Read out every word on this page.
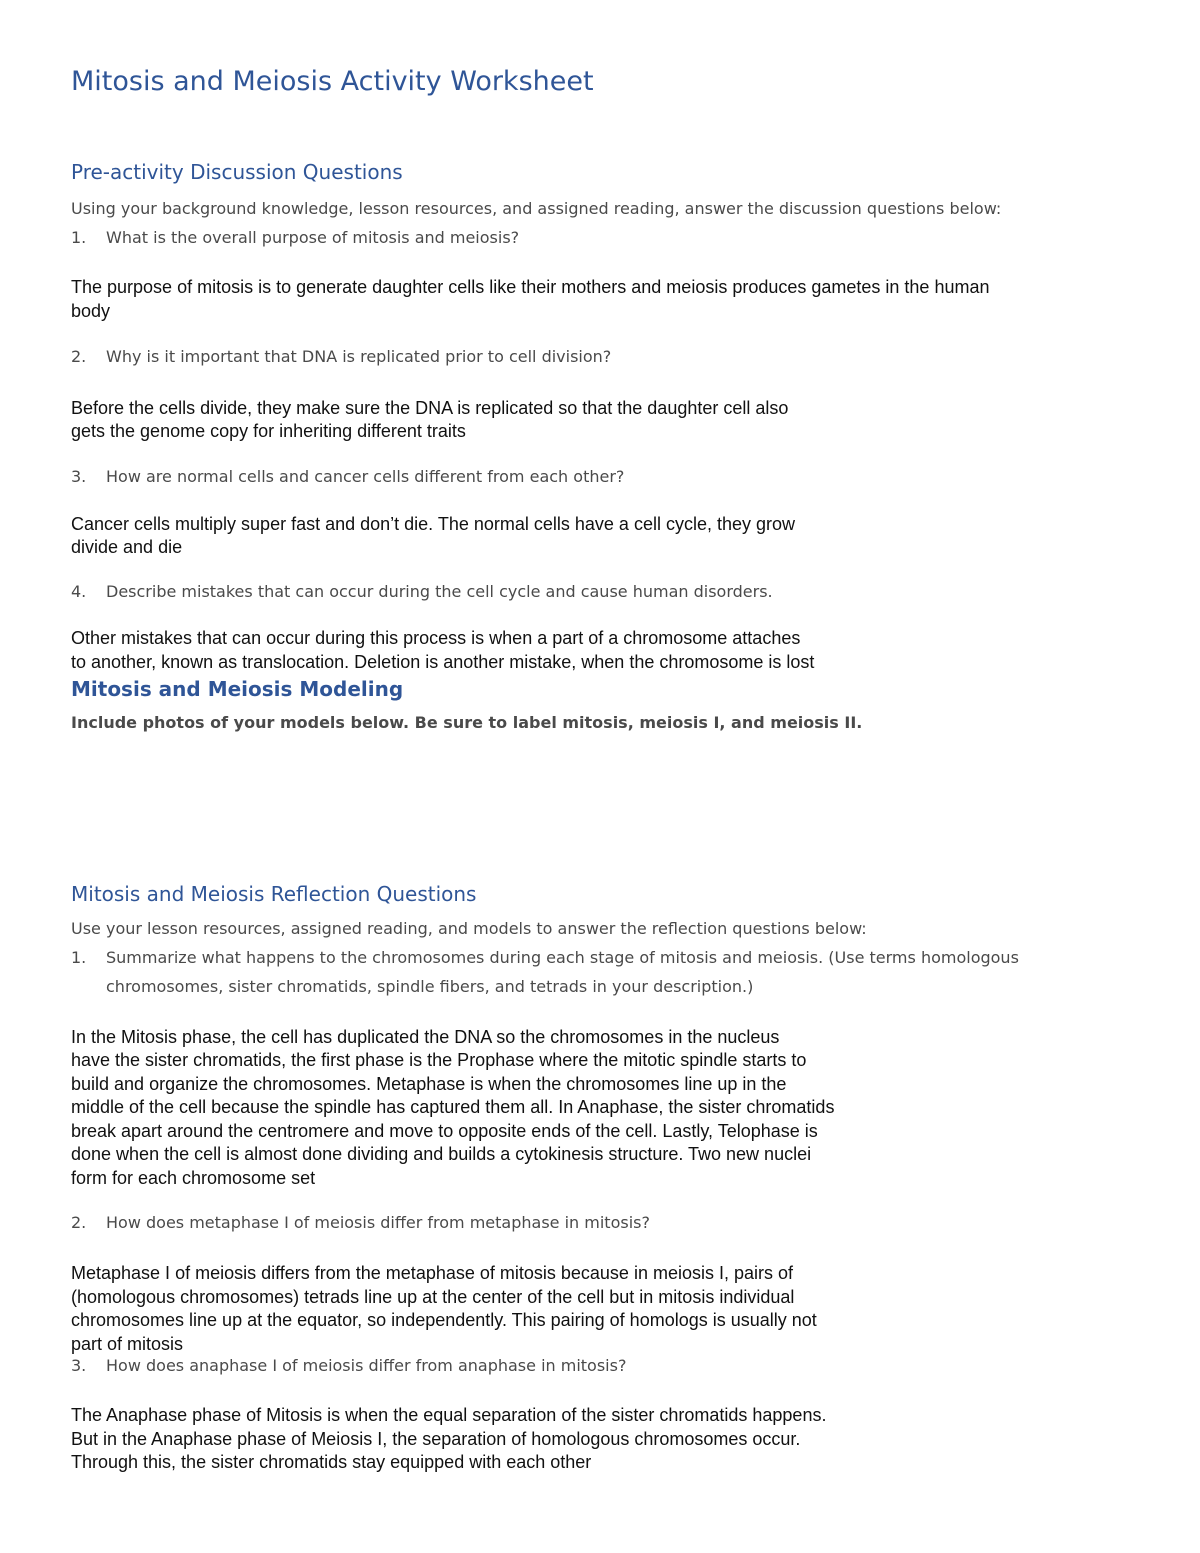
Mitosis and Meiosis Activity Worksheet
Pre-activity Discussion Questions
Using your background knowledge, lesson resources, and assigned reading, answer the discussion questions below:
1. What is the overall purpose of mitosis and meiosis?
The purpose of mitosis is to generate daughter cells like their mothers and meiosis produces gametes in the human
body
2. Why is it important that DNA is replicated prior to cell division?
Before the cells divide, they make sure the DNA is replicated so that the daughter cell also
gets the genome copy for inheriting different traits
3. How are normal cells and cancer cells different from each other?
Cancer cells multiply super fast and don’t die. The normal cells have a cell cycle, they grow
divide and die
4. Describe mistakes that can occur during the cell cycle and cause human disorders.
Other mistakes that can occur during this process is when a part of a chromosome attaches
to another, known as translocation. Deletion is another mistake, when the chromosome is lost
Mitosis and Meiosis Modeling
Include photos of your models below. Be sure to label mitosis, meiosis I, and meiosis II.
Mitosis and Meiosis Reflection Questions
Use your lesson resources, assigned reading, and models to answer the reflection questions below:
1. Summarize what happens to the chromosomes during each stage of mitosis and meiosis. (Use terms homologous
chromosomes, sister chromatids, spindle fibers, and tetrads in your description.)
In the Mitosis phase, the cell has duplicated the DNA so the chromosomes in the nucleus
have the sister chromatids, the first phase is the Prophase where the mitotic spindle starts to
build and organize the chromosomes. Metaphase is when the chromosomes line up in the
middle of the cell because the spindle has captured them all. In Anaphase, the sister chromatids
break apart around the centromere and move to opposite ends of the cell. Lastly, Telophase is
done when the cell is almost done dividing and builds a cytokinesis structure. Two new nuclei
form for each chromosome set
2. How does metaphase I of meiosis differ from metaphase in mitosis?
Metaphase I of meiosis differs from the metaphase of mitosis because in meiosis I, pairs of
(homologous chromosomes) tetrads line up at the center of the cell but in mitosis individual
chromosomes line up at the equator, so independently. This pairing of homologs is usually not
part of mitosis
3. How does anaphase I of meiosis differ from anaphase in mitosis?
The Anaphase phase of Mitosis is when the equal separation of the sister chromatids happens.
But in the Anaphase phase of Meiosis I, the separation of homologous chromosomes occur.
Through this, the sister chromatids stay equipped with each other
